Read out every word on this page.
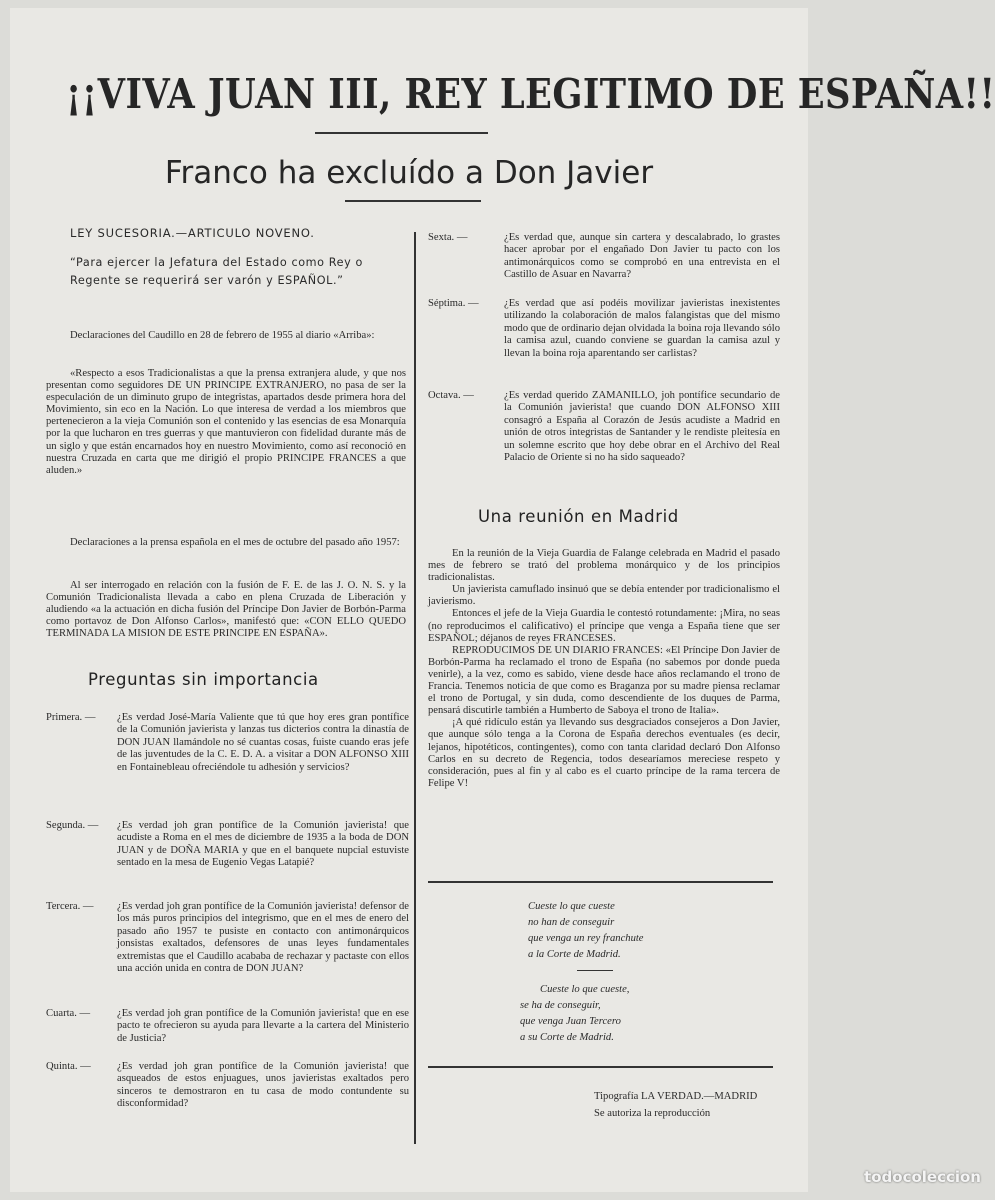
¡¡VIVA JUAN III, REY LEGITIMO DE ESPAÑA!!
Franco ha excluído a Don Javier
LEY SUCESORIA.—ARTICULO NOVENO.
“Para ejercer la Jefatura del Estado como Rey o Regente se requerirá ser varón y ESPAÑOL.”

Declaraciones del Caudillo en 28 de febrero de 1955 al diario «Arriba»:

«Respecto a esos Tradicionalistas a que la prensa extranjera alude, y que nos presentan como seguidores DE UN PRINCIPE EXTRANJERO, no pasa de ser la especulación de un diminuto grupo de integristas, apartados desde primera hora del Movimiento, sin eco en la Nación. Lo que interesa de verdad a los miembros que pertenecieron a la vieja Comunión son el contenido y las esencias de esa Monarquía por la que lucharon en tres guerras y que mantuvieron con fidelidad durante más de un siglo y que están encarnados hoy en nuestro Movimiento, como así reconoció en nuestra Cruzada en carta que me dirigió el propio PRINCIPE FRANCES a que aluden.»

Declaraciones a la prensa española en el mes de octubre del pasado año 1957:

Al ser interrogado en relación con la fusión de F. E. de las J. O. N. S. y la Comunión Tradicionalista llevada a cabo en plena Cruzada de Liberación y aludiendo «a la actuación en dicha fusión del Príncipe Don Javier de Borbón-Parma como portavoz de Don Alfonso Carlos», manifestó que: «CON ELLO QUEDO TERMINADA LA MISION DE ESTE PRINCIPE EN ESPAÑA».

Preguntas sin importancia
Primera. — ¿Es verdad José-María Valiente que tú que hoy eres gran pontífice de la Comunión javierista y lanzas tus dicterios contra la dinastía de DON JUAN llamándole no sé cuantas cosas, fuiste cuando eras jefe de las juventudes de la C. E. D. A. a visitar a DON ALFONSO XIII en Fontainebleau ofreciéndole tu adhesión y servicios?
Segunda. — ¿Es verdad joh gran pontífice de la Comunión javierista! que acudiste a Roma en el mes de diciembre de 1935 a la boda de DON JUAN y de DOÑA MARIA y que en el banquete nupcial estuviste sentado en la mesa de Eugenio Vegas Latapié?
Tercera. — ¿Es verdad joh gran pontífice de la Comunión javierista! defensor de los más puros principios del integrismo, que en el mes de enero del pasado año 1957 te pusiste en contacto con antimonárquicos jonsistas exaltados, defensores de unas leyes fundamentales extremistas que el Caudillo acababa de rechazar y pactaste con ellos una acción unida en contra de DON JUAN?
Cuarta. —	¿Es verdad joh gran pontífice de la Comunión javierista! que en ese pacto te ofrecieron su ayuda para llevarte a la cartera del Ministerio de Justicia?
Quinta. — ¿Es verdad joh gran pontífice de la Comunión javierista! que asqueados de estos enjuagues, unos javieristas exaltados pero sinceros te demostraron en tu casa de modo contundente su disconformidad?
Sexta. —	¿Es verdad que, aunque sin cartera y descalabrado, lo grastes hacer aprobar por el engañado Don Javier tu pacto con los antimonárquicos como se comprobó en una entrevista en el Castillo de Asuar en Navarra?
Séptima. — ¿Es verdad que así podéis movilizar javieristas inexistentes utilizando la colaboración de malos falangistas que del mismo modo que de ordinario dejan olvidada la boina roja llevando sólo la camisa azul, cuando conviene se guardan la camisa azul y llevan la boina roja aparentando ser carlistas?
Octava. —	¿Es verdad querido ZAMANILLO, joh pontífice secundario de la Comunión javierista! que cuando DON ALFONSO XIII consagró a España al Corazón de Jesús acudiste a Madrid en unión de otros integristas de Santander y le rendiste pleitesía en un solemne escrito que hoy debe obrar en el Archivo del Real Palacio de Oriente si no ha sido saqueado?
Una reunión en Madrid

En la reunión de la Vieja Guardia de Falange celebrada en Madrid el pasado mes de febrero se trató del problema monárquico y de los principios tradicionalistas.

Un javierista camuflado insinuó que se debía entender por tradicionalismo el javierismo.

Entonces el jefe de la Vieja Guardia le contestó rotundamente: ¡Mira, no seas (no reproducimos el calificativo) el príncipe que venga a España tiene que ser ESPAÑOL; déjanos de reyes FRANCESES.

REPRODUCIMOS DE UN DIARIO FRANCES: «El Príncipe Don Javier de Borbón-Parma ha reclamado el trono de España (no sabemos por donde pueda venirle), a la vez, como es sabido, viene desde hace años reclamando el trono de Francia. Tenemos noticia de que como es Braganza por su madre piensa reclamar el trono de Portugal, y sin duda, como descendiente de los duques de Parma, pensará discutirle también a Humberto de Saboya el trono de Italia».

¡A qué ridículo están ya llevando sus desgraciados consejeros a Don Javier, que aunque sólo tenga a la Corona de España derechos eventuales (es decir, lejanos, hipotéticos, contingentes), como con tanta claridad declaró Don Alfonso Carlos en su decreto de Regencia, todos desearíamos mereciese respeto y consideración, pues al fin y al cabo es el cuarto príncipe de la rama tercera de Felipe V!

Cueste lo que cueste
no han de conseguir
que venga un rey franchute
a la Corte de Madrid.
Cueste lo que cueste,
se ha de conseguir,
que venga Juan Tercero
a su Corte de Madrid.
Tipografía LA VERDAD.—MADRID
Se autoriza la reproducción
todocoleccion
